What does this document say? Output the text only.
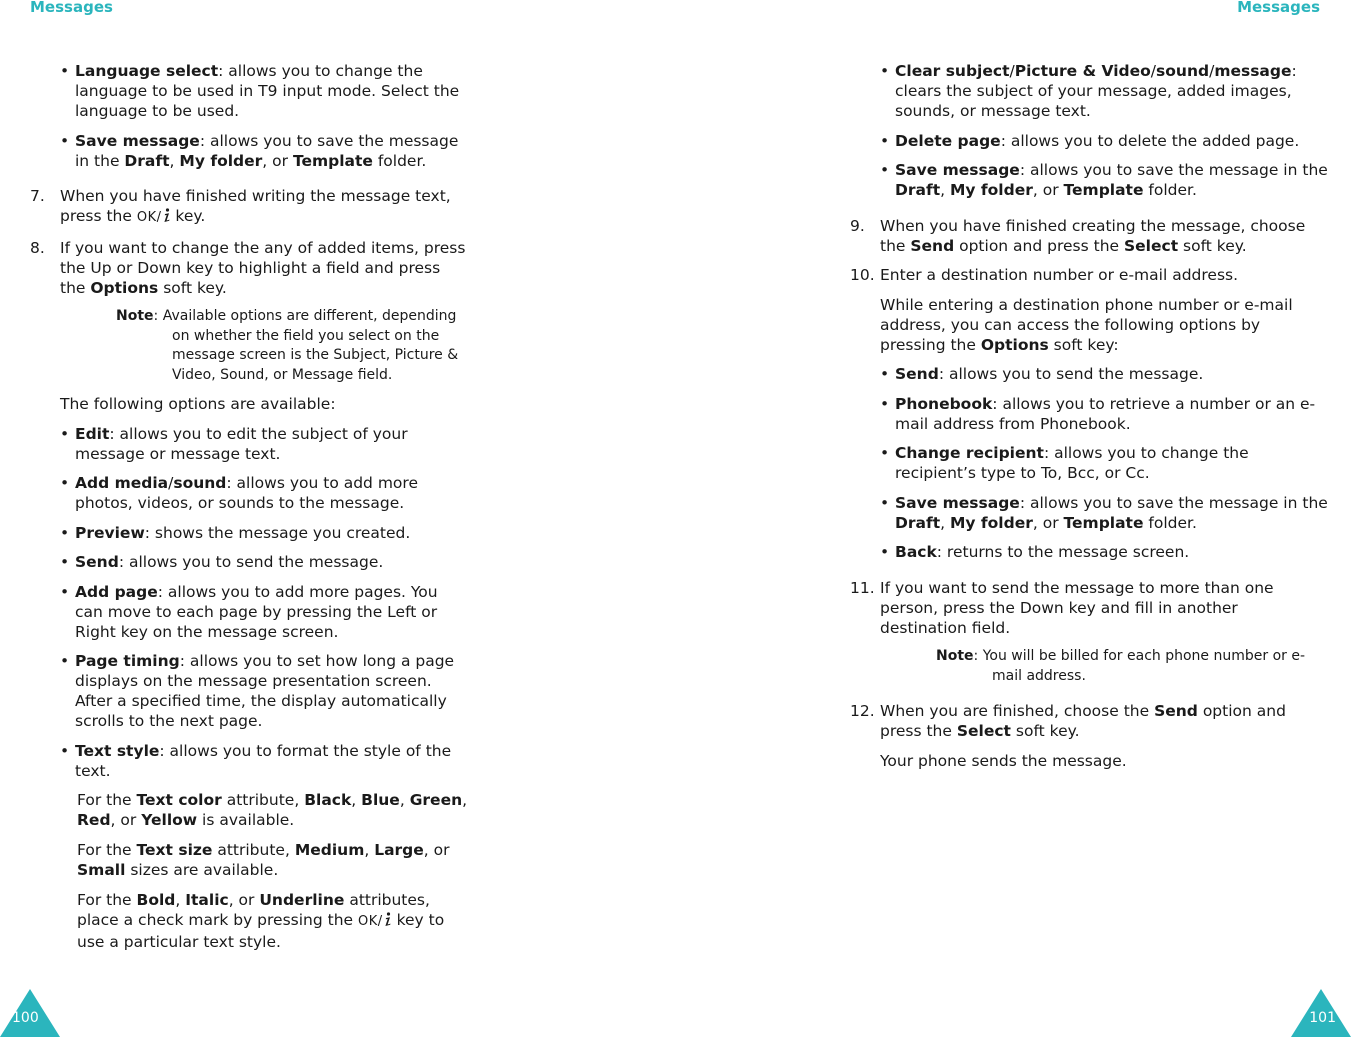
Messages	Messages
• Language select: allows you to change the language to be used in T9 input mode. Select the language to be used.
• Save message: allows you to save the message in the Draft, My folder, or Template folder.
7. When you have finished writing the message text, press the OK/ key.
8. If you want to change the any of added items, press the Up or Down key to highlight a field and press the Options soft key.
Note: Available options are different, depending on whether the field you select on the message screen is the Subject, Picture & Video, Sound, or Message field.
The following options are available:
• Edit: allows you to edit the subject of your message or message text.
• Add media/sound: allows you to add more photos, videos, or sounds to the message.
• Preview: shows the message you created.
• Send: allows you to send the message.
• Add page: allows you to add more pages. You can move to each page by pressing the Left or Right key on the message screen.
• Page timing: allows you to set how long a page displays on the message presentation screen. After a specified time, the display automatically scrolls to the next page.
• Text style: allows you to format the style of the text.
For the Text color attribute, Black, Blue, Green, Red, or Yellow is available.
For the Text size attribute, Medium, Large, or Small sizes are available.
For the Bold, Italic, or Underline attributes, place a check mark by pressing the OK/ key to use a particular text style.
• Clear subject/Picture & Video/sound/message: clears the subject of your message, added images, sounds, or message text.
• Delete page: allows you to delete the added page.
• Save message: allows you to save the message in the Draft, My folder, or Template folder.
9. When you have finished creating the message, choose the Send option and press the Select soft key.
10. Enter a destination number or e-mail address.
While entering a destination phone number or e-mail address, you can access the following options by pressing the Options soft key:
• Send: allows you to send the message.
• Phonebook: allows you to retrieve a number or an e-mail address from Phonebook.
• Change recipient: allows you to change the recipient’s type to To, Bcc, or Cc.
• Save message: allows you to save the message in the Draft, My folder, or Template folder.
• Back: returns to the message screen.
11. If you want to send the message to more than one person, press the Down key and fill in another destination field.
Note: You will be billed for each phone number or e-mail address.
12. When you are finished, choose the Send option and press the Select soft key.
Your phone sends the message.
100	101
